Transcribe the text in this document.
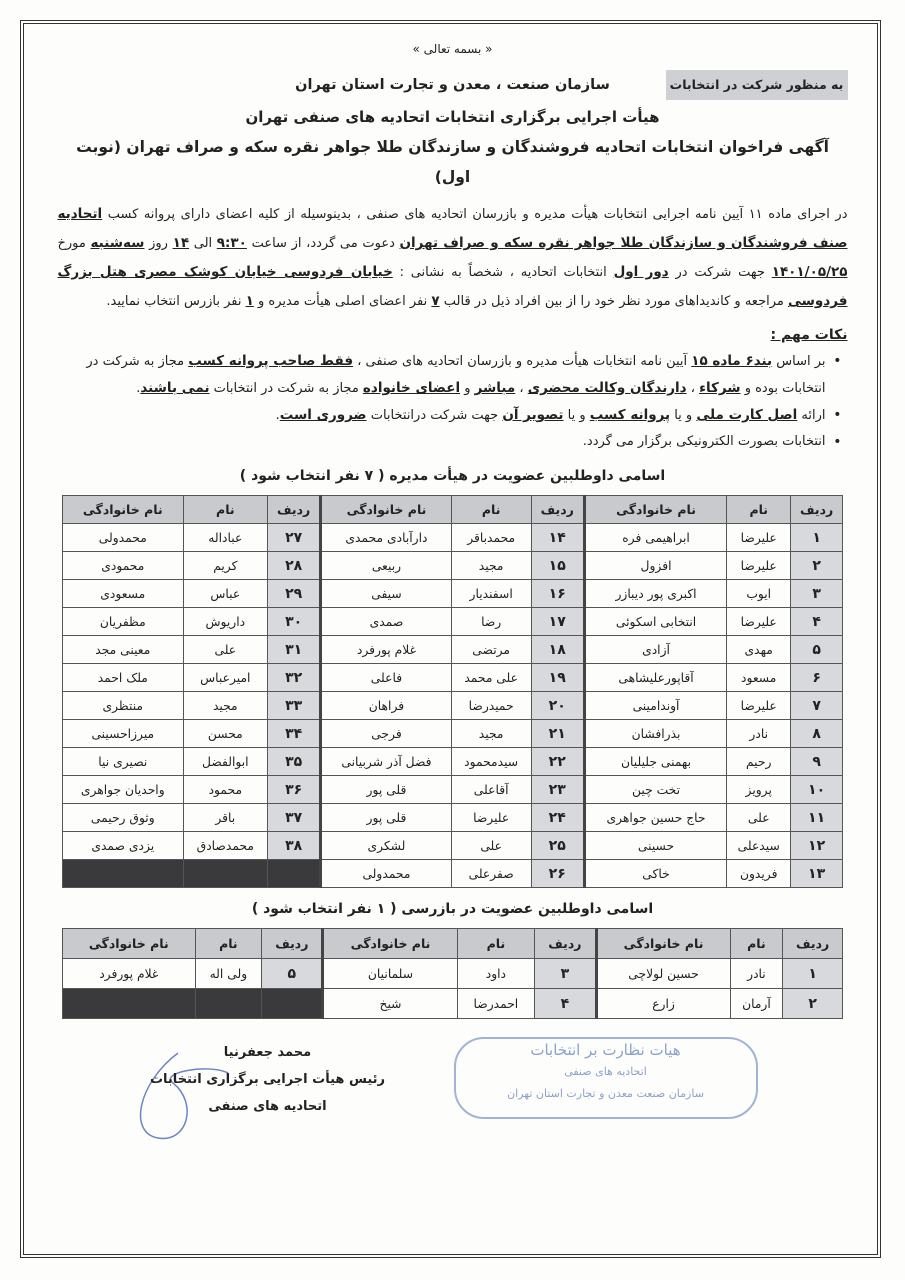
« بسمه تعالی »
به منظور شرکت در انتخابات
سازمان صنعت ، معدن و تجارت استان تهران
هیأت اجرایی برگزاری انتخابات اتحادیه های صنفی تهران
آگهی فراخوان انتخابات اتحادیه فروشندگان و سازندگان طلا جواهر نقره سکه و صراف تهران (نوبت اول)
در اجرای ماده ۱۱ آیین نامه اجرایی انتخابات هیأت مدیره و بازرسان اتحادیه های صنفی ، بدینوسیله از کلیه اعضای دارای پروانه کسب اتحادیه صنف فروشندگان و سازندگان طلا جواهر نقره سکه و صراف تهران دعوت می گردد، از ساعت ۹:۳۰ الی ۱۴ روز سه‌شنبه مورخ ۱۴۰۱/۰۵/۲۵ جهت شرکت در دور اول انتخابات اتحادیه ، شخصاً به نشانی : خیابان فردوسی خیابان کوشک مصری هتل بزرگ فردوسی مراجعه و کاندیداهای مورد نظر خود را از بین افراد ذیل در قالب ۷ نفر اعضای اصلی هیأت مدیره و ۱ نفر بازرس انتخاب نمایید.
نکات مهم :
• بر اساس بند۶ ماده ۱۵ آیین نامه انتخابات هیأت مدیره و بازرسان اتحادیه های صنفی ، فقط صاحب پروانه کسب مجاز به شرکت در انتخابات بوده و شرکاء ، دارندگان وکالت محضری ، مباشر و اعضای خانواده مجاز به شرکت در انتخابات نمی باشند.
• ارائه اصل کارت ملی و یا پروانه کسب و یا تصویر آن جهت شرکت درانتخابات ضروری است.
• انتخابات بصورت الکترونیکی برگزار می گردد.
اسامی داوطلبین عضویت در هیأت مدیره ( ۷ نفر انتخاب شود )
ردیف	نام	نام خانوادگی	ردیف	نام	نام خانوادگی	ردیف	نام	نام خانوادگی
۱	علیرضا	ابراهیمی فره	۱۴	محمدباقر	دارآبادی محمدی	۲۷	عباداله	محمدولی
۲	علیرضا	افزول	۱۵	مجید	ربیعی	۲۸	کریم	محمودی
۳	ایوب	اکبری پور دیبازر	۱۶	اسفندیار	سیفی	۲۹	عباس	مسعودی
۴	علیرضا	انتخابی اسکوئی	۱۷	رضا	صمدی	۳۰	داریوش	مظفریان
۵	مهدی	آزادی	۱۸	مرتضی	غلام پورفرد	۳۱	علی	معینی مجد
۶	مسعود	آقاپورعلیشاهی	۱۹	علی محمد	فاعلی	۳۲	امیرعباس	ملک احمد
۷	علیرضا	آوندامینی	۲۰	حمیدرضا	فراهان	۳۳	مجید	منتظری
۸	نادر	بذرافشان	۲۱	مجید	فرجی	۳۴	محسن	میرزاحسینی
۹	رحیم	بهمنی جلیلیان	۲۲	سیدمحمود	فضل آذر شربیانی	۳۵	ابوالفضل	نصیری نیا
۱۰	پرویز	تخت چین	۲۳	آقاعلی	قلی پور	۳۶	محمود	واحدیان جواهری
۱۱	علی	حاج حسین جواهری	۲۴	علیرضا	قلی پور	۳۷	باقر	وثوق رحیمی
۱۲	سیدعلی	حسینی	۲۵	علی	لشکری	۳۸	محمدصادق	یزدی صمدی
۱۳	فریدون	خاکی	۲۶	صفرعلی	محمدولی			
اسامی داوطلبین عضویت در بازرسی ( ۱ نفر انتخاب شود )
ردیف	نام	نام خانوادگی	ردیف	نام	نام خانوادگی	ردیف	نام	نام خانوادگی
۱	نادر	حسین لولاچی	۳	داود	سلمانیان	۵	ولی اله	غلام پورفرد
۲	آرمان	زارع	۴	احمدرضا	شیخ			
محمد جعفرنیا
رئیس هیأت اجرایی برگزاری انتخابات
اتحادیه های صنفی
هیات نظارت بر انتخابات
اتحادیه های صنفی
سازمان صنعت معدن و تجارت استان تهران
